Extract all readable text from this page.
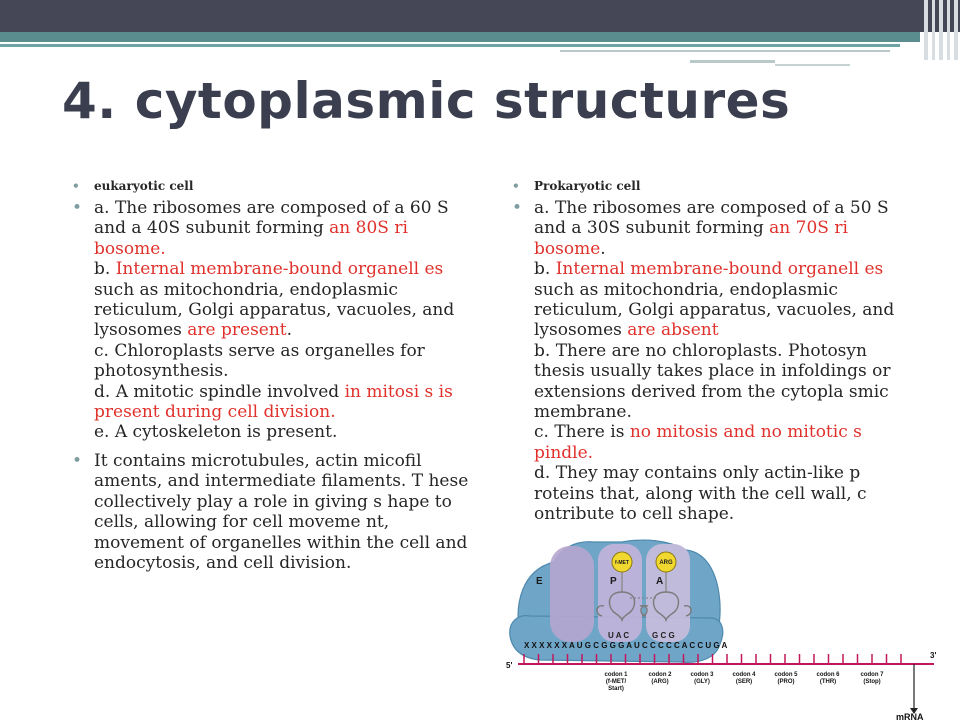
4. cytoplasmic structures
• eukaryotic cell
• a. The ribosomes are composed of a 60 S and a 40S subunit forming an 80S ri bosome.
b. Internal membrane-bound organell es such as mitochondria, endoplasmic reticulum, Golgi apparatus, vacuoles, and lysosomes are present.
c. Chloroplasts serve as organelles for photosynthesis.
d. A mitotic spindle involved in mitosi s is present during cell division.
e. A cytoskeleton is present.
• It contains microtubules, actin micofil aments, and intermediate filaments. T hese collectively play a role in giving s hape to cells, allowing for cell moveme nt, movement of organelles within the cell and endocytosis, and cell division.
• Prokaryotic cell
• a. The ribosomes are composed of a 50 S and a 30S subunit forming an 70S ri bosome.
b. Internal membrane-bound organell es such as mitochondria, endoplasmic reticulum, Golgi apparatus, vacuoles, and lysosomes are absent
b. There are no chloroplasts. Photosyn thesis usually takes place in infoldings or extensions derived from the cytopla smic membrane.
c. There is no mitosis and no mitotic s pindle.
d. They may contains only actin-like p roteins that, along with the cell wall, c ontribute to cell shape.
E	P	A
f-MET	ARG
U A C	G C G
X X X X X X A U G C G G G A U C C C C C A C C U G A
5'
3'
mRNA
codon 1
(f-MET/
Start)
codon 2
(ARG)
codon 3
(GLY)
codon 4
(SER)
codon 5
(PRO)
codon 6
(THR)
codon 7
(Stop)
